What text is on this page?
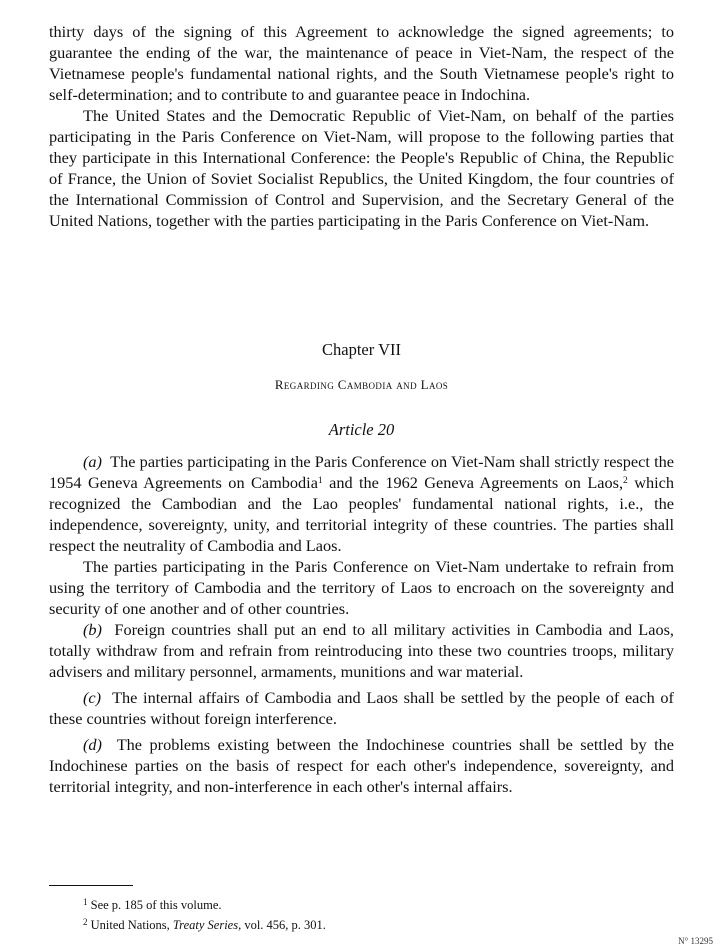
thirty days of the signing of this Agreement to acknowledge the signed agreements; to guarantee the ending of the war, the maintenance of peace in Viet-Nam, the respect of the Vietnamese people's fundamental national rights, and the South Vietnamese people's right to self-determination; and to contribute to and guarantee peace in Indochina.

The United States and the Democratic Republic of Viet-Nam, on behalf of the parties participating in the Paris Conference on Viet-Nam, will propose to the following parties that they participate in this International Conference: the People's Republic of China, the Republic of France, the Union of Soviet Socialist Republics, the United Kingdom, the four countries of the International Commission of Control and Supervision, and the Secretary General of the United Nations, together with the parties participating in the Paris Conference on Viet-Nam.

Chapter VII
Regarding Cambodia and Laos
Article 20

(a) The parties participating in the Paris Conference on Viet-Nam shall strictly respect the 1954 Geneva Agreements on Cambodia$^1$ and the 1962 Geneva Agreements on Laos,$^2$ which recognized the Cambodian and the Lao peoples' fundamental national rights, i.e., the independence, sovereignty, unity, and territorial integrity of these countries. The parties shall respect the neutrality of Cambodia and Laos.

The parties participating in the Paris Conference on Viet-Nam undertake to refrain from using the territory of Cambodia and the territory of Laos to encroach on the sovereignty and security of one another and of other countries.

(b) Foreign countries shall put an end to all military activities in Cambodia and Laos, totally withdraw from and refrain from reintroducing into these two countries troops, military advisers and military personnel, armaments, munitions and war material.

(c) The internal affairs of Cambodia and Laos shall be settled by the people of each of these countries without foreign interference.

(d) The problems existing between the Indochinese countries shall be settled by the Indochinese parties on the basis of respect for each other's independence, sovereignty, and territorial integrity, and non-interference in each other's internal affairs.

$^1$ See p. 185 of this volume.

$^2$ United Nations, Treaty Series, vol. 456, p. 301.

N° 13295
